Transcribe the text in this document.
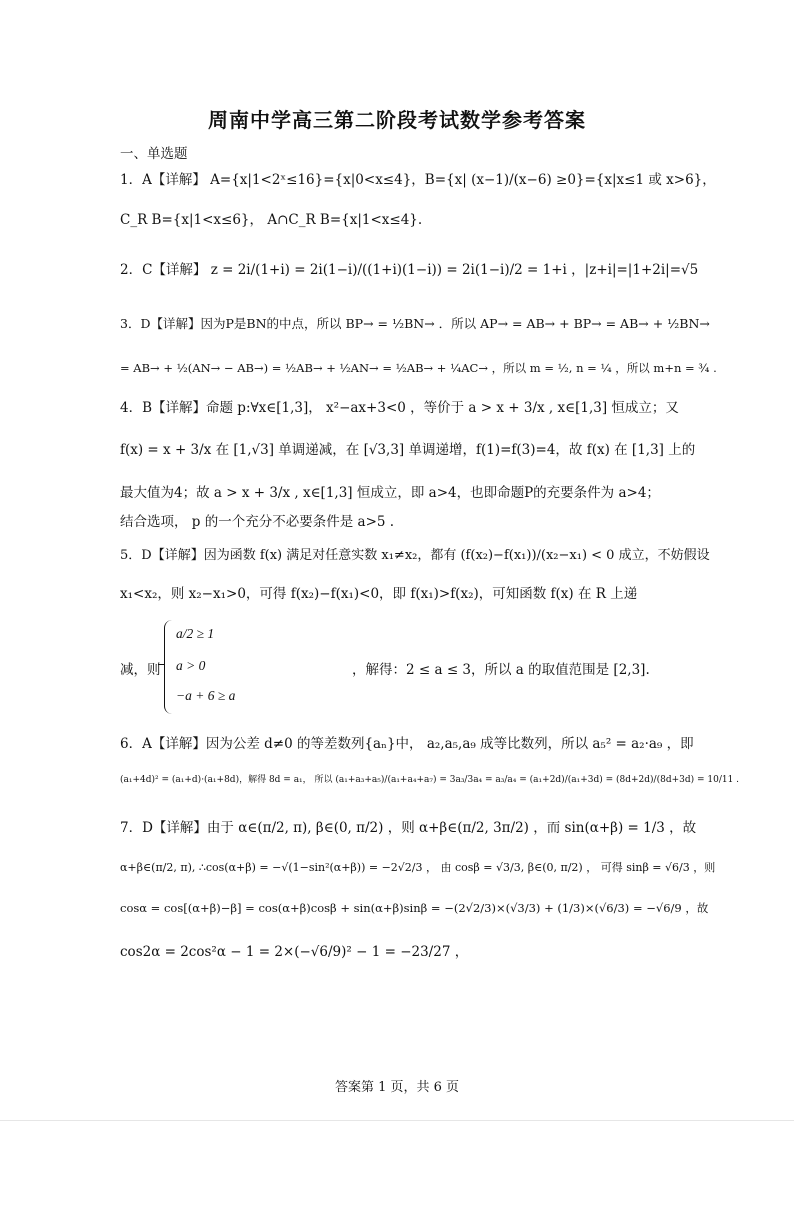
周南中学高三第二阶段考试数学参考答案
一、单选题
1．A【详解】 A={x|1<2ˣ≤16}={x|0<x≤4}，B={x| (x−1)/(x−6) ≥0}={x|x≤1 或 x>6}，
C_R B={x|1<x≤6}， A∩C_R B={x|1<x≤4}.
2．C【详解】 z = 2i/(1+i) = 2i(1−i)/((1+i)(1−i)) = 2i(1−i)/2 = 1+i ，|z+i|=|1+2i|=√5
3．D【详解】因为P是BN的中点，所以 BP→ = ½BN→ ．所以 AP→ = AB→ + BP→ = AB→ + ½BN→
= AB→ + ½(AN→ − AB→) = ½AB→ + ½AN→ = ½AB→ + ¼AC→ ，所以 m = ½, n = ¼ ，所以 m+n = ¾ .
4．B【详解】命题 p:∀x∈[1,3]， x²−ax+3<0 ，等价于 a > x + 3/x , x∈[1,3] 恒成立；又
f(x) = x + 3/x 在 [1,√3] 单调递减，在 [√3,3] 单调递增，f(1)=f(3)=4，故 f(x) 在 [1,3] 上的
最大值为4；故 a > x + 3/x , x∈[1,3] 恒成立，即 a>4，也即命题P的充要条件为 a>4；
结合选项， p 的一个充分不必要条件是 a>5 .
5．D【详解】因为函数 f(x) 满足对任意实数 x₁≠x₂，都有 (f(x₂)−f(x₁))/(x₂−x₁) < 0 成立，不妨假设
x₁<x₂，则 x₂−x₁>0，可得 f(x₂)−f(x₁)<0，即 f(x₁)>f(x₂)，可知函数 f(x) 在 R 上递
减，则
a/2 ≥ 1
a > 0
−a + 6 ≥ a
，解得：2 ≤ a ≤ 3，所以 a 的取值范围是 [2,3].
6．A【详解】因为公差 d≠0 的等差数列{aₙ}中， a₂,a₅,a₉ 成等比数列，所以 a₅² = a₂·a₉ ，即
(a₁+4d)² = (a₁+d)·(a₁+8d)，解得 8d = a₁， 所以 (a₁+a₃+a₅)/(a₁+a₄+a₇) = 3a₃/3a₄ = a₃/a₄ = (a₁+2d)/(a₁+3d) = (8d+2d)/(8d+3d) = 10/11 .
7．D【详解】由于 α∈(π/2, π), β∈(0, π/2) ，则 α+β∈(π/2, 3π/2) ，而 sin(α+β) = 1/3 ，故
α+β∈(π/2, π), ∴cos(α+β) = −√(1−sin²(α+β)) = −2√2/3 ， 由 cosβ = √3/3, β∈(0, π/2) ， 可得 sinβ = √6/3 ，则
cosα = cos[(α+β)−β] = cos(α+β)cosβ + sin(α+β)sinβ = −(2√2/3)×(√3/3) + (1/3)×(√6/3) = −√6/9 ，故
cos2α = 2cos²α − 1 = 2×(−√6/9)² − 1 = −23/27 ，
答案第 1 页，共 6 页
